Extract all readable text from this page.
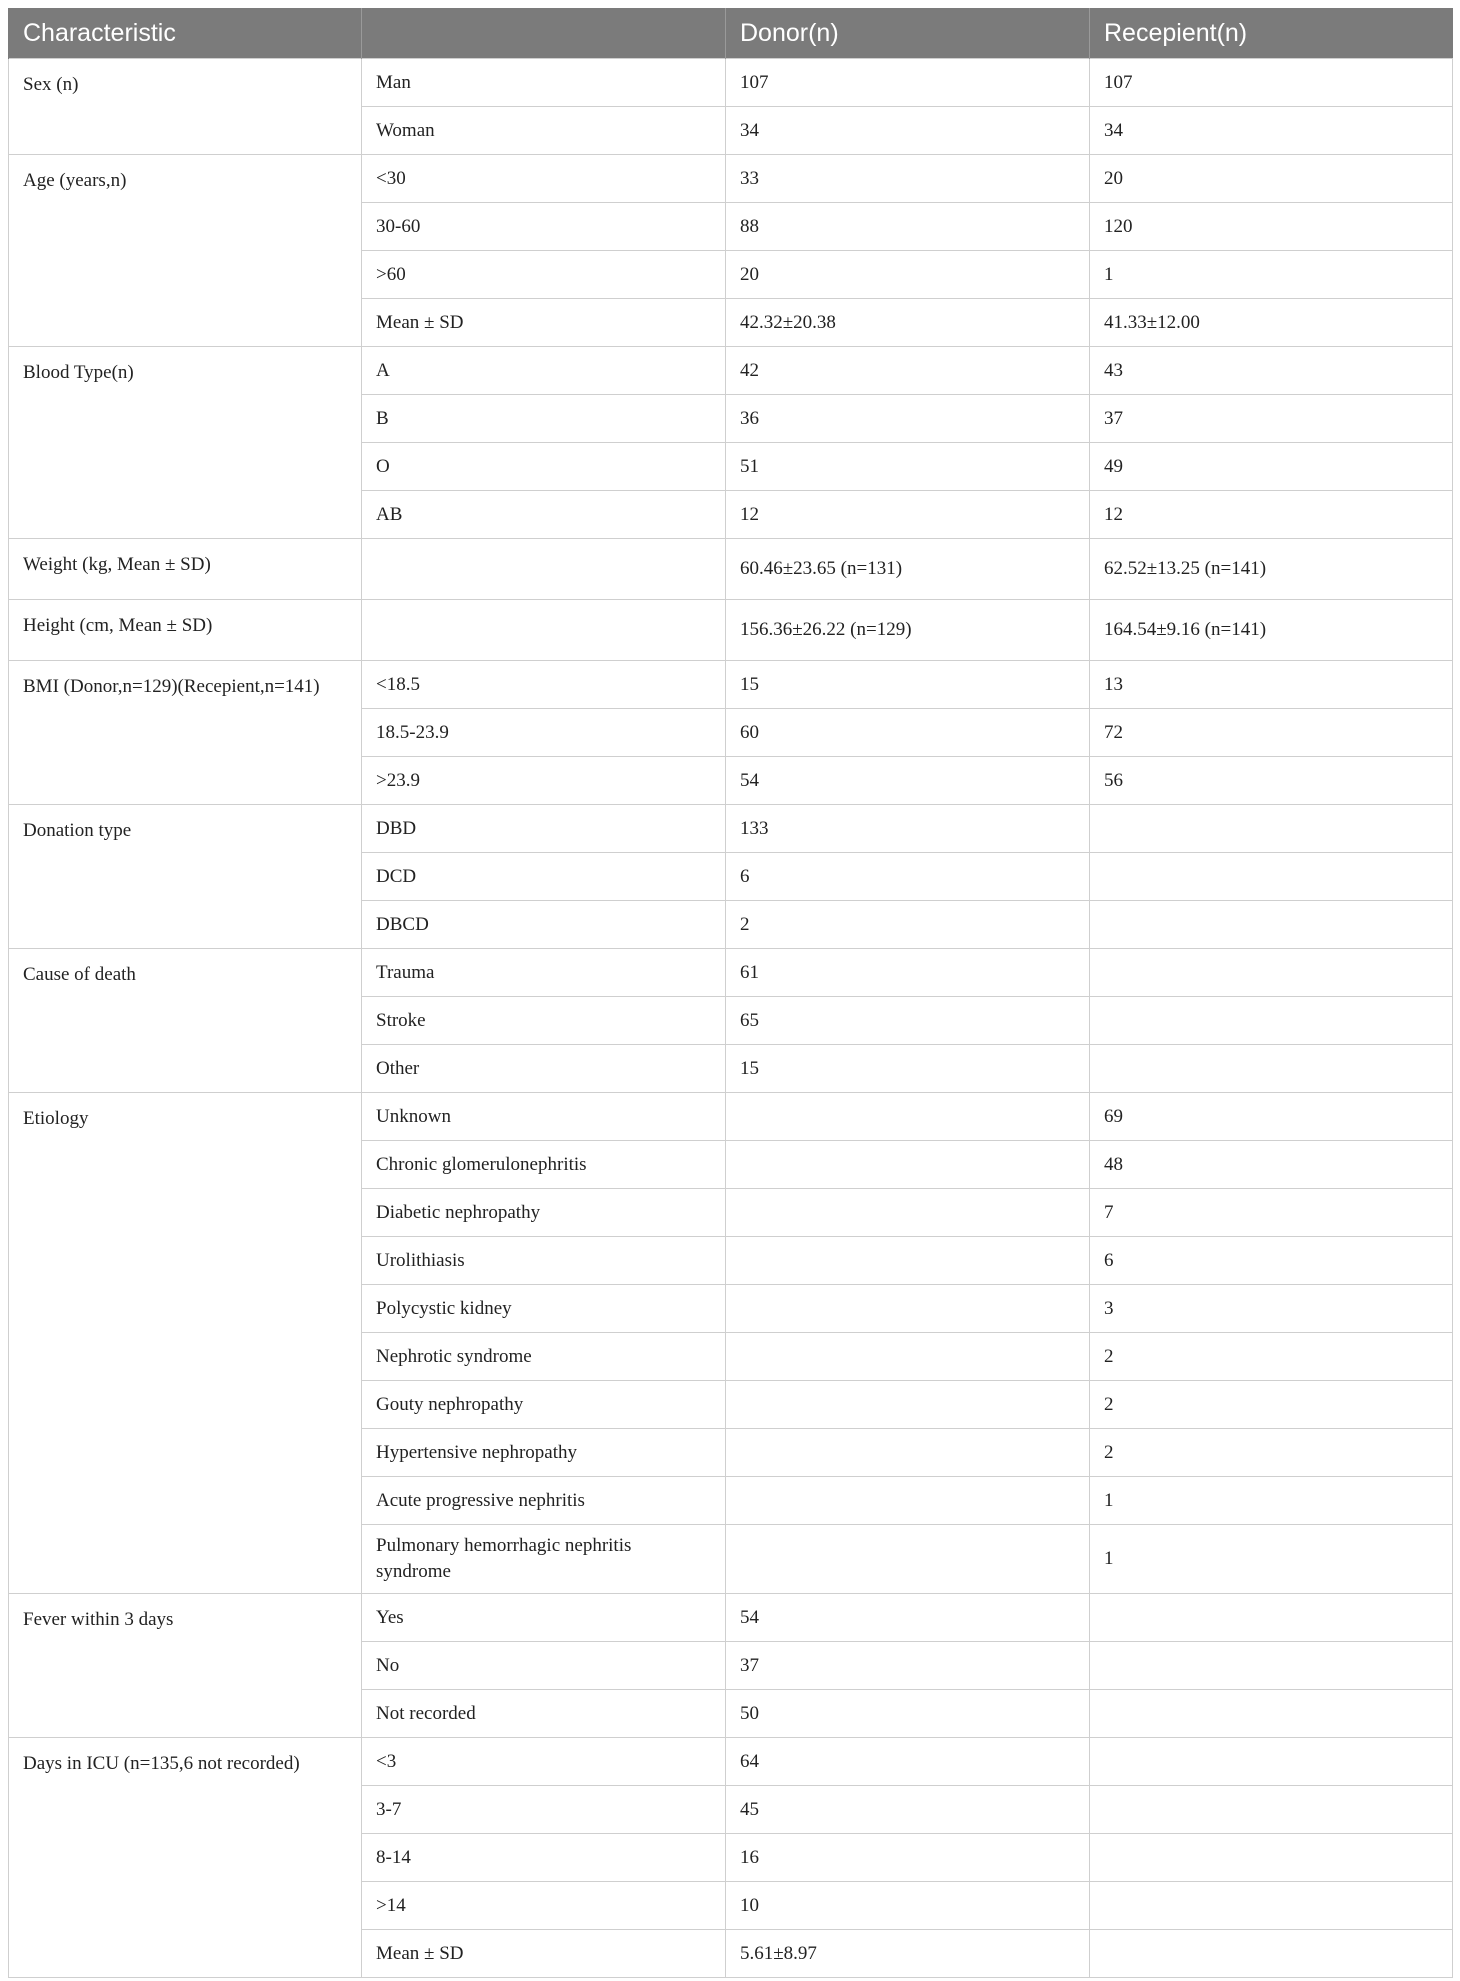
Characteristic		Donor(n)	Recepient(n)
Sex (n)	Man	107	107
	Woman	34	34
Age (years,n)	<30	33	20
	30-60	88	120
	>60	20	1
	Mean ± SD	42.32±20.38	41.33±12.00
Blood Type(n)	A	42	43
	B	36	37
	O	51	49
	AB	12	12
Weight (kg, Mean ± SD)		60.46±23.65 (n=131)	62.52±13.25 (n=141)
Height (cm, Mean ± SD)		156.36±26.22 (n=129)	164.54±9.16 (n=141)
BMI (Donor,n=129)(Recepient,n=141)	<18.5	15	13
	18.5-23.9	60	72
	>23.9	54	56
Donation type	DBD	133	
	DCD	6	
	DBCD	2	
Cause of death	Trauma	61	
	Stroke	65	
	Other	15	
Etiology	Unknown		69
	Chronic glomerulonephritis		48
	Diabetic nephropathy		7
	Urolithiasis		6
	Polycystic kidney		3
	Nephrotic syndrome		2
	Gouty nephropathy		2
	Hypertensive nephropathy		2
	Acute progressive nephritis		1
	Pulmonary hemorrhagic nephritis syndrome		1
Fever within 3 days	Yes	54	
	No	37	
	Not recorded	50	
Days in ICU (n=135,6 not recorded)	<3	64	
	3-7	45	
	8-14	16	
	>14	10	
	Mean ± SD	5.61±8.97	
